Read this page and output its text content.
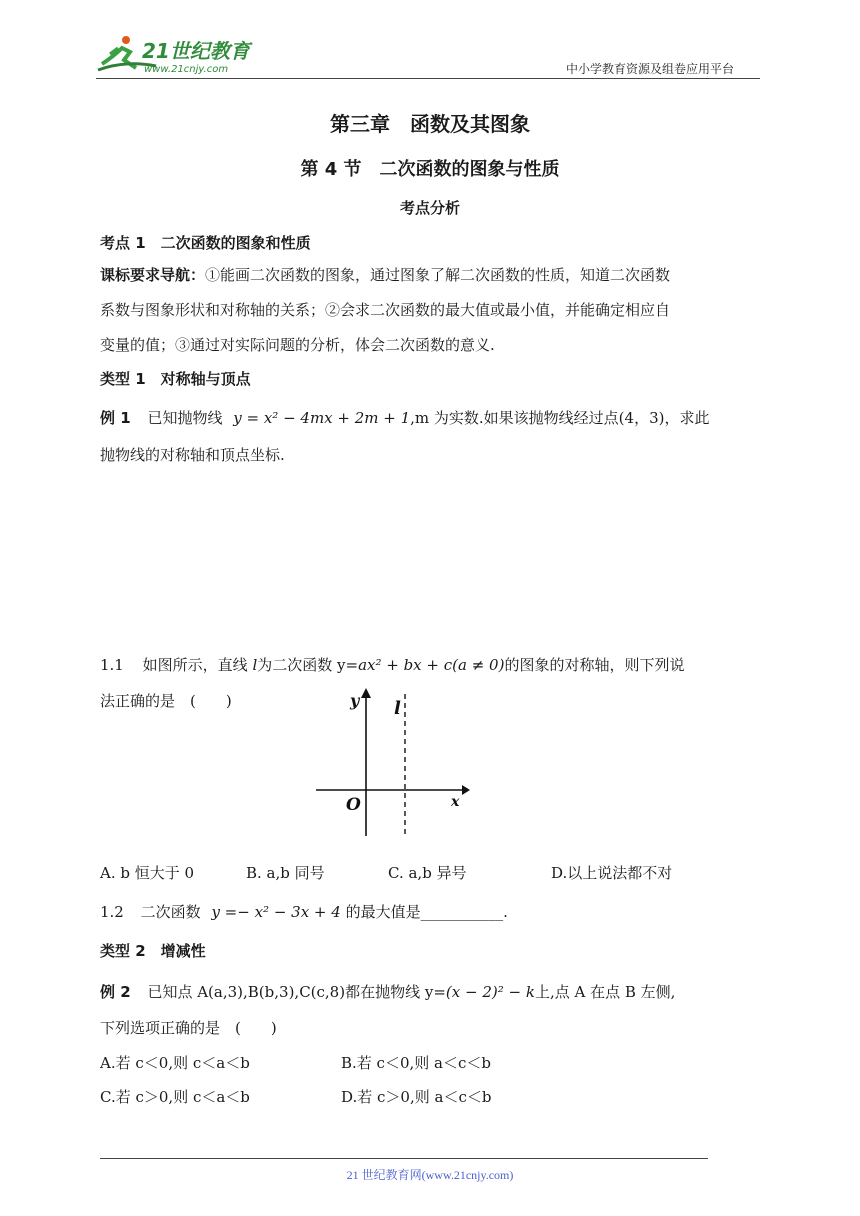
21世纪教育
www.21cnjy.com	中小学教育资源及组卷应用平台
第三章　函数及其图象
第 4 节　二次函数的图象与性质
考点分析
考点 1　二次函数的图象和性质
课标要求导航：①能画二次函数的图象，通过图象了解二次函数的性质，知道二次函数
系数与图象形状和对称轴的关系；②会求二次函数的最大值或最小值，并能确定相应自
变量的值；③通过对实际问题的分析，体会二次函数的意义.
类型 1　对称轴与顶点
例 1 已知抛物线 y = x² − 4mx + 2m + 1,m 为实数.如果该抛物线经过点(4，3)，求此
抛物线的对称轴和顶点坐标.
1.1 如图所示，直线 l为二次函数 y=ax² + bx + c(a ≠ 0)的图象的对称轴，则下列说
法正确的是　(　　)	y
x
O
l
A. b 恒大于 0	B. a,b 同号	C. a,b 异号	D.以上说法都不对
1.2 二次函数 y =− x² − 3x + 4 的最大值是___________.
类型 2　增减性
例 2 已知点 A(a,3),B(b,3),C(c,8)都在抛物线 y=(x − 2)² − k上,点 A 在点 B 左侧,
下列选项正确的是　(　　)
A.若 c＜0,则 c＜a＜b	B.若 c＜0,则 a＜c＜b
C.若 c＞0,则 c＜a＜b	D.若 c＞0,则 a＜c＜b
21 世纪教育网(www.21cnjy.com)
